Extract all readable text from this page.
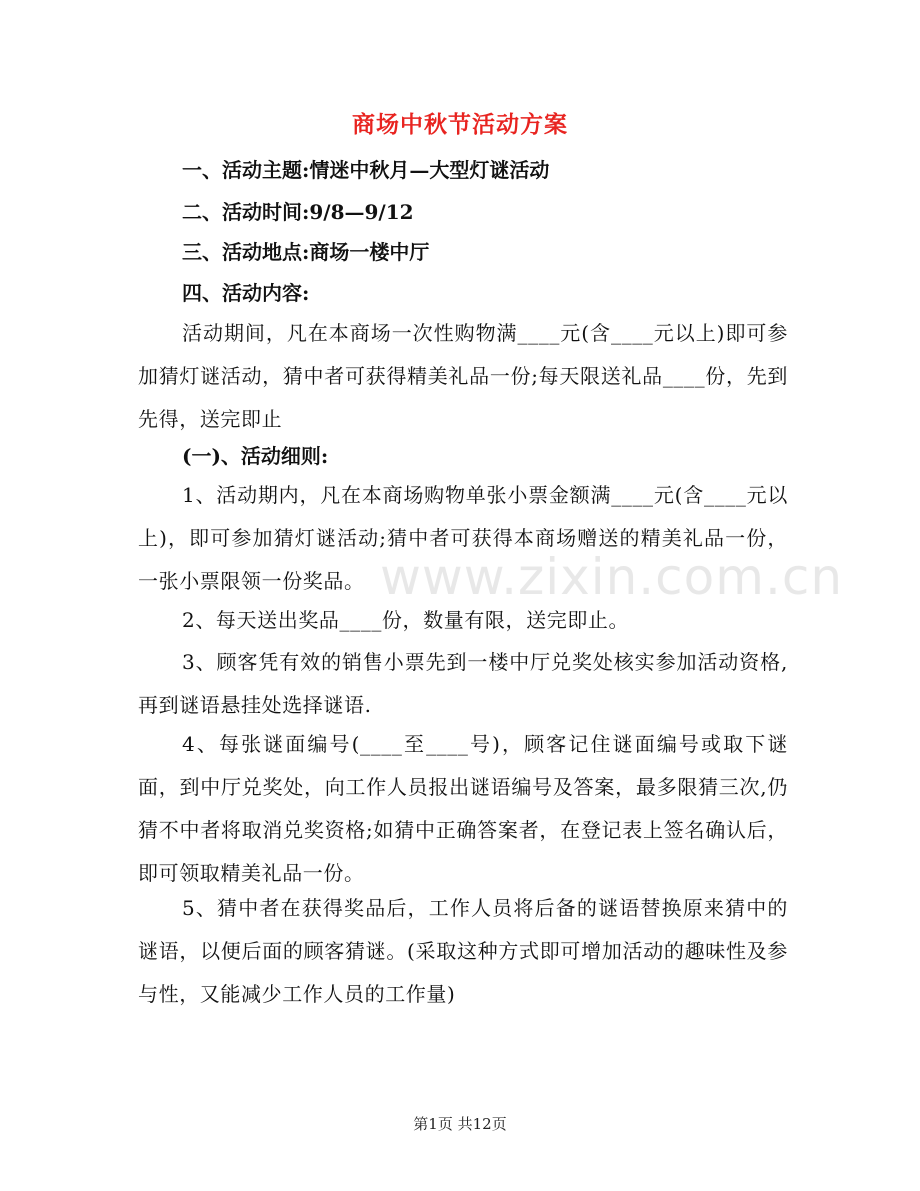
商场中秋节活动方案
一、活动主题:情迷中秋月—大型灯谜活动
二、活动时间:9/8—9/12
三、活动地点:商场一楼中厅
四、活动内容:
活动期间，凡在本商场一次性购物满____元(含____元以上)即可参加猜灯谜活动，猜中者可获得精美礼品一份;每天限送礼品____份，先到先得，送完即止
(一)、活动细则:
1、活动期内，凡在本商场购物单张小票金额满____元(含____元以上)，即可参加猜灯谜活动;猜中者可获得本商场赠送的精美礼品一份，一张小票限领一份奖品。
2、每天送出奖品____份，数量有限，送完即止。
3、顾客凭有效的销售小票先到一楼中厅兑奖处核实参加活动资格,再到谜语悬挂处选择谜语.
4、每张谜面编号(____至____号)，顾客记住谜面编号或取下谜面，到中厅兑奖处，向工作人员报出谜语编号及答案，最多限猜三次,仍猜不中者将取消兑奖资格;如猜中正确答案者，在登记表上签名确认后，即可领取精美礼品一份。
5、猜中者在获得奖品后，工作人员将后备的谜语替换原来猜中的谜语，以便后面的顾客猜谜。(采取这种方式即可增加活动的趣味性及参与性，又能减少工作人员的工作量)
www.zixin.com.cn
第1页 共12页
